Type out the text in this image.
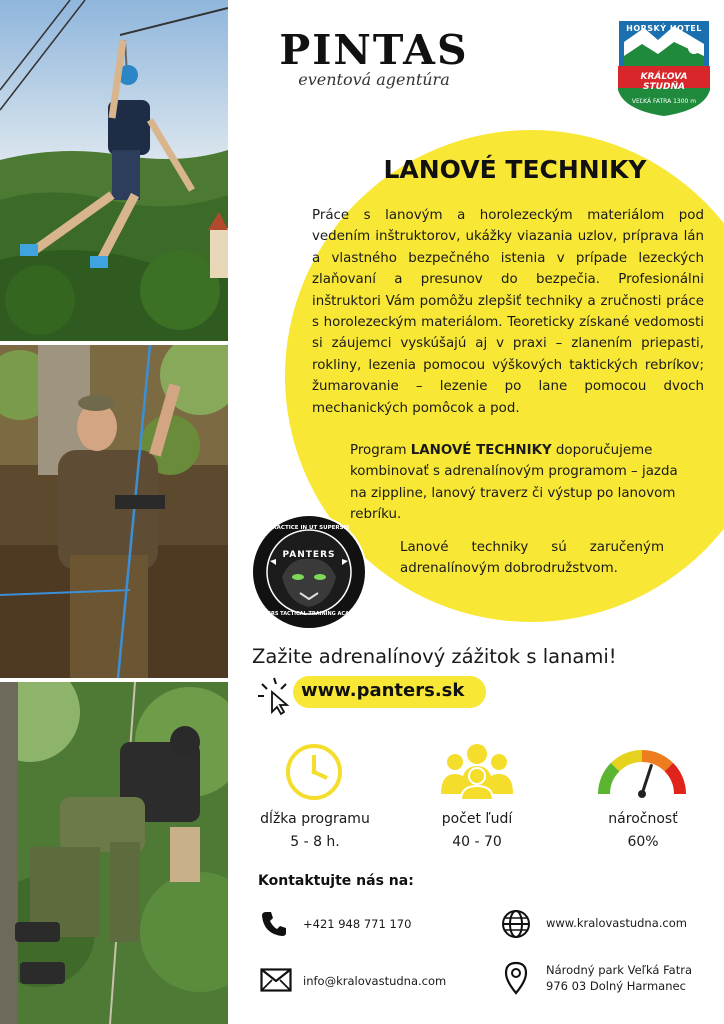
PINTAS
eventová agentúra
HORSKÝ HOTEL
KRÁĽOVA STUDŇA
VEĽKÁ FATRA 1300 m
LANOVÉ TECHNIKY
Práce s lanovým a horolezeckým materiálom pod vedením inštruktorov, ukážky viazania uzlov, príprava lán a vlastného bezpečného istenia v prípade lezeckých zlaňovaní a presunov do bezpečia. Profesionálni inštruktori Vám pomôžu zlepšiť techniky a zručnosti práce s horolezeckým materiálom. Teoreticky získané vedomosti si záujemci vyskúšajú aj v praxi – zlanením priepasti, rokliny, lezenia pomocou výškových taktických rebríkov; žumarovanie – lezenie po lane pomocou dvoch mechanických pomôcok a pod.
Program LANOVÉ TECHNIKY doporučujeme kombinovať s adrenalínovým programom – jazda na zippline, lanový traverz či výstup po lanovom rebríku.
Lanové techniky sú zaručeným adrenalínovým dobrodružstvom.
PRACTICE IN UT SUPERSIS
PANTERS
PANTERS TACTICAL TRAINING ACADEMY
Zažite adrenalínový zážitok s lanami!
www.panters.sk
dĺžka programu
5 - 8 h.
počet ľudí
40 - 70
náročnosť
60%
Kontaktujte nás na:
+421 948 771 170	www.kralovastudna.com
info@kralovastudna.com
Národný park Veľká Fatra
976 03 Dolný Harmanec
